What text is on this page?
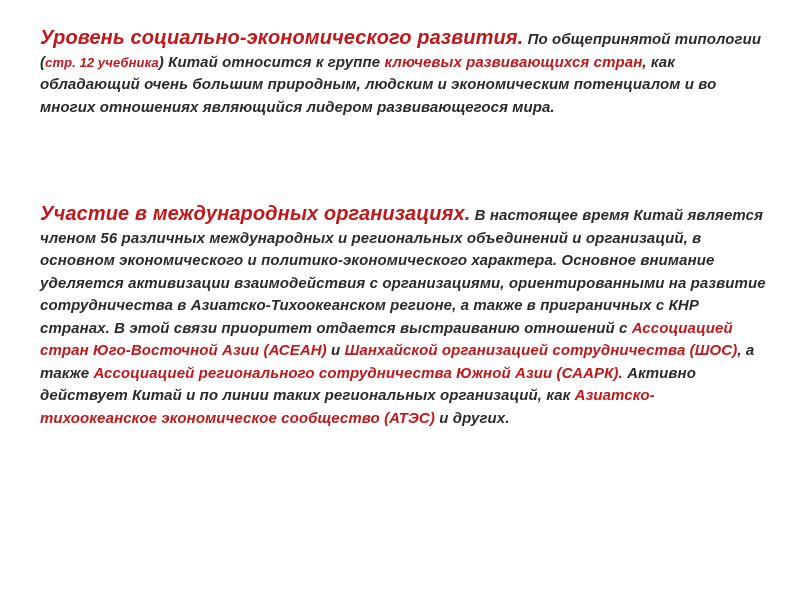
Уровень социально-экономического развития. По общепринятой типологии (стр. 12 учебника) Китай относится к группе ключевых развивающихся стран, как обладающий очень большим природным, людским и экономическим потенциалом и во многих отношениях являющийся лидером развивающегося мира.
Участие в международных организациях. В настоящее время Китай является членом 56 различных международных и региональных объединений и организаций, в основном экономического и политико-экономического характера. Основное внимание уделяется активизации взаимодействия с организациями, ориентированными на развитие сотрудничества в Азиатско-Тихоокеанском регионе, а также в приграничных с КНР странах. В этой связи приоритет отдается выстраиванию отношений с Ассоциацией стран Юго-Восточной Азии (АСЕАН) и Шанхайской организацией сотрудничества (ШОС), а также Ассоциацией регионального сотрудничества Южной Азии (СААРК). Активно действует Китай и по линии таких региональных организаций, как Азиатско-тихоокеанское экономическое сообщество (АТЭС) и других.
